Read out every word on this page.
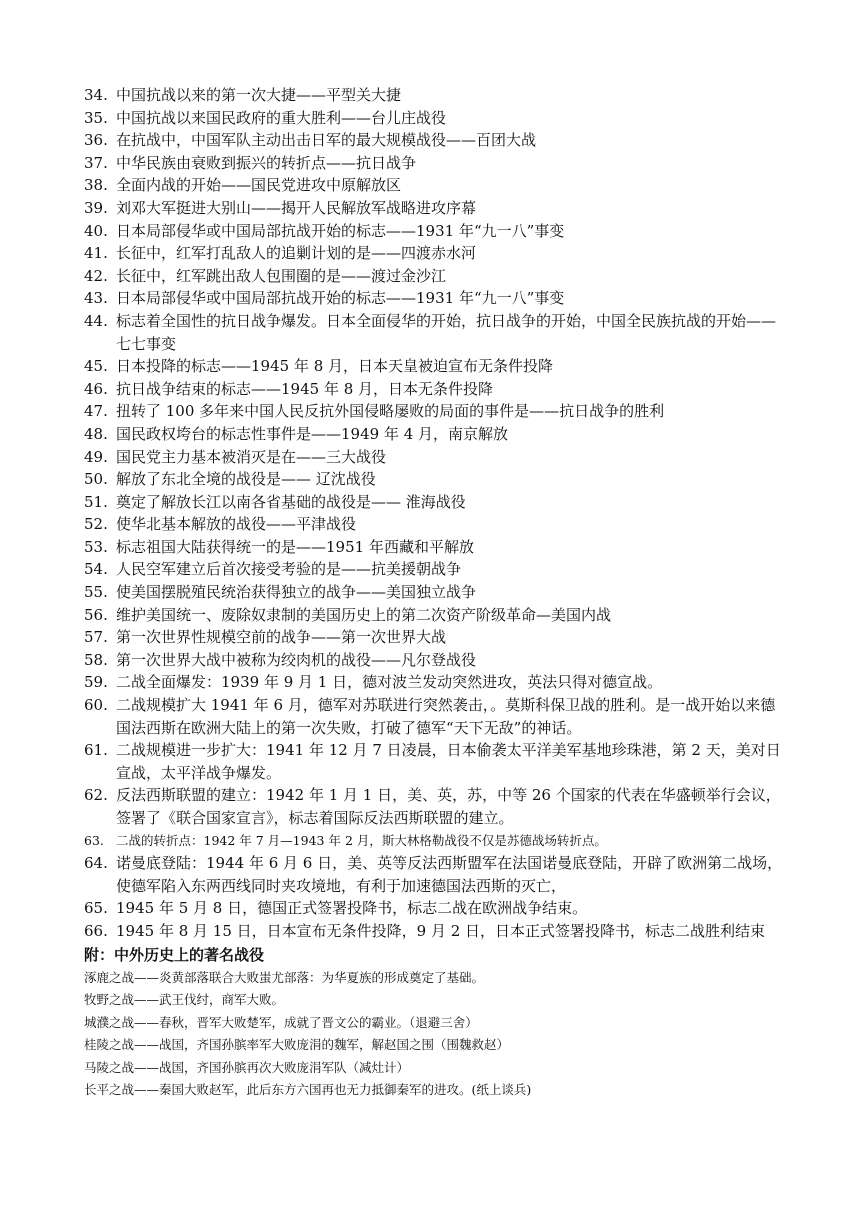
34. 中国抗战以来的第一次大捷——平型关大捷
35. 中国抗战以来国民政府的重大胜利——台儿庄战役
36. 在抗战中，中国军队主动出击日军的最大规模战役——百团大战
37. 中华民族由衰败到振兴的转折点——抗日战争
38. 全面内战的开始——国民党进攻中原解放区
39. 刘邓大军挺进大别山——揭开人民解放军战略进攻序幕
40. 日本局部侵华或中国局部抗战开始的标志——1931 年“九一八”事变
41. 长征中，红军打乱敌人的追剿计划的是——四渡赤水河
42. 长征中，红军跳出敌人包围圈的是——渡过金沙江
43. 日本局部侵华或中国局部抗战开始的标志——1931 年“九一八”事变
44. 标志着全国性的抗日战争爆发。日本全面侵华的开始，抗日战争的开始，中国全民族抗战的开始——七七事变
45. 日本投降的标志——1945 年 8 月，日本天皇被迫宣布无条件投降
46. 抗日战争结束的标志——1945 年 8 月，日本无条件投降
47. 扭转了 100 多年来中国人民反抗外国侵略屡败的局面的事件是——抗日战争的胜利
48. 国民政权垮台的标志性事件是——1949 年 4 月，南京解放
49. 国民党主力基本被消灭是在——三大战役
50. 解放了东北全境的战役是—— 辽沈战役
51. 奠定了解放长江以南各省基础的战役是—— 淮海战役
52. 使华北基本解放的战役——平津战役
53. 标志祖国大陆获得统一的是——1951 年西藏和平解放
54. 人民空军建立后首次接受考验的是——抗美援朝战争
55. 使美国摆脱殖民统治获得独立的战争——美国独立战争
56. 维护美国统一、废除奴隶制的美国历史上的第二次资产阶级革命—美国内战
57. 第一次世界性规模空前的战争——第一次世界大战
58. 第一次世界大战中被称为绞肉机的战役——凡尔登战役
59. 二战全面爆发：1939 年 9 月 1 日，德对波兰发动突然进攻，英法只得对德宣战。
60. 二战规模扩大 1941 年 6 月，德军对苏联进行突然袭击，。莫斯科保卫战的胜利。是一战开始以来德国法西斯在欧洲大陆上的第一次失败，打破了德军“天下无敌”的神话。
61. 二战规模进一步扩大：1941 年 12 月 7 日凌晨，日本偷袭太平洋美军基地珍珠港，第 2 天，美对日宣战，太平洋战争爆发。
62. 反法西斯联盟的建立：1942 年 1 月 1 日，美、英，苏，中等 26 个国家的代表在华盛顿举行会议，签署了《联合国家宣言》，标志着国际反法西斯联盟的建立。
63. 二战的转折点：1942 年 7 月—1943 年 2 月，斯大林格勒战役不仅是苏德战场转折点。
64. 诺曼底登陆：1944 年 6 月 6 日，美、英等反法西斯盟军在法国诺曼底登陆，开辟了欧洲第二战场，使德军陷入东两西线同时夹攻境地，有利于加速德国法西斯的灭亡，
65. 1945 年 5 月 8 日，德国正式签署投降书，标志二战在欧洲战争结束。
66. 1945 年 8 月 15 日，日本宣布无条件投降，9 月 2 日，日本正式签署投降书，标志二战胜利结束
附：中外历史上的著名战役
涿鹿之战——炎黄部落联合大败蚩尤部落：为华夏族的形成奠定了基础。
牧野之战——武王伐纣，商军大败。
城濮之战——春秋，晋军大败楚军，成就了晋文公的霸业。（退避三舍）
桂陵之战——战国，齐国孙膑率军大败庞涓的魏军，解赵国之围（围魏救赵）
马陵之战——战国，齐国孙膑再次大败庞涓军队（减灶计）
长平之战——秦国大败赵军，此后东方六国再也无力抵御秦军的进攻。(纸上谈兵)
